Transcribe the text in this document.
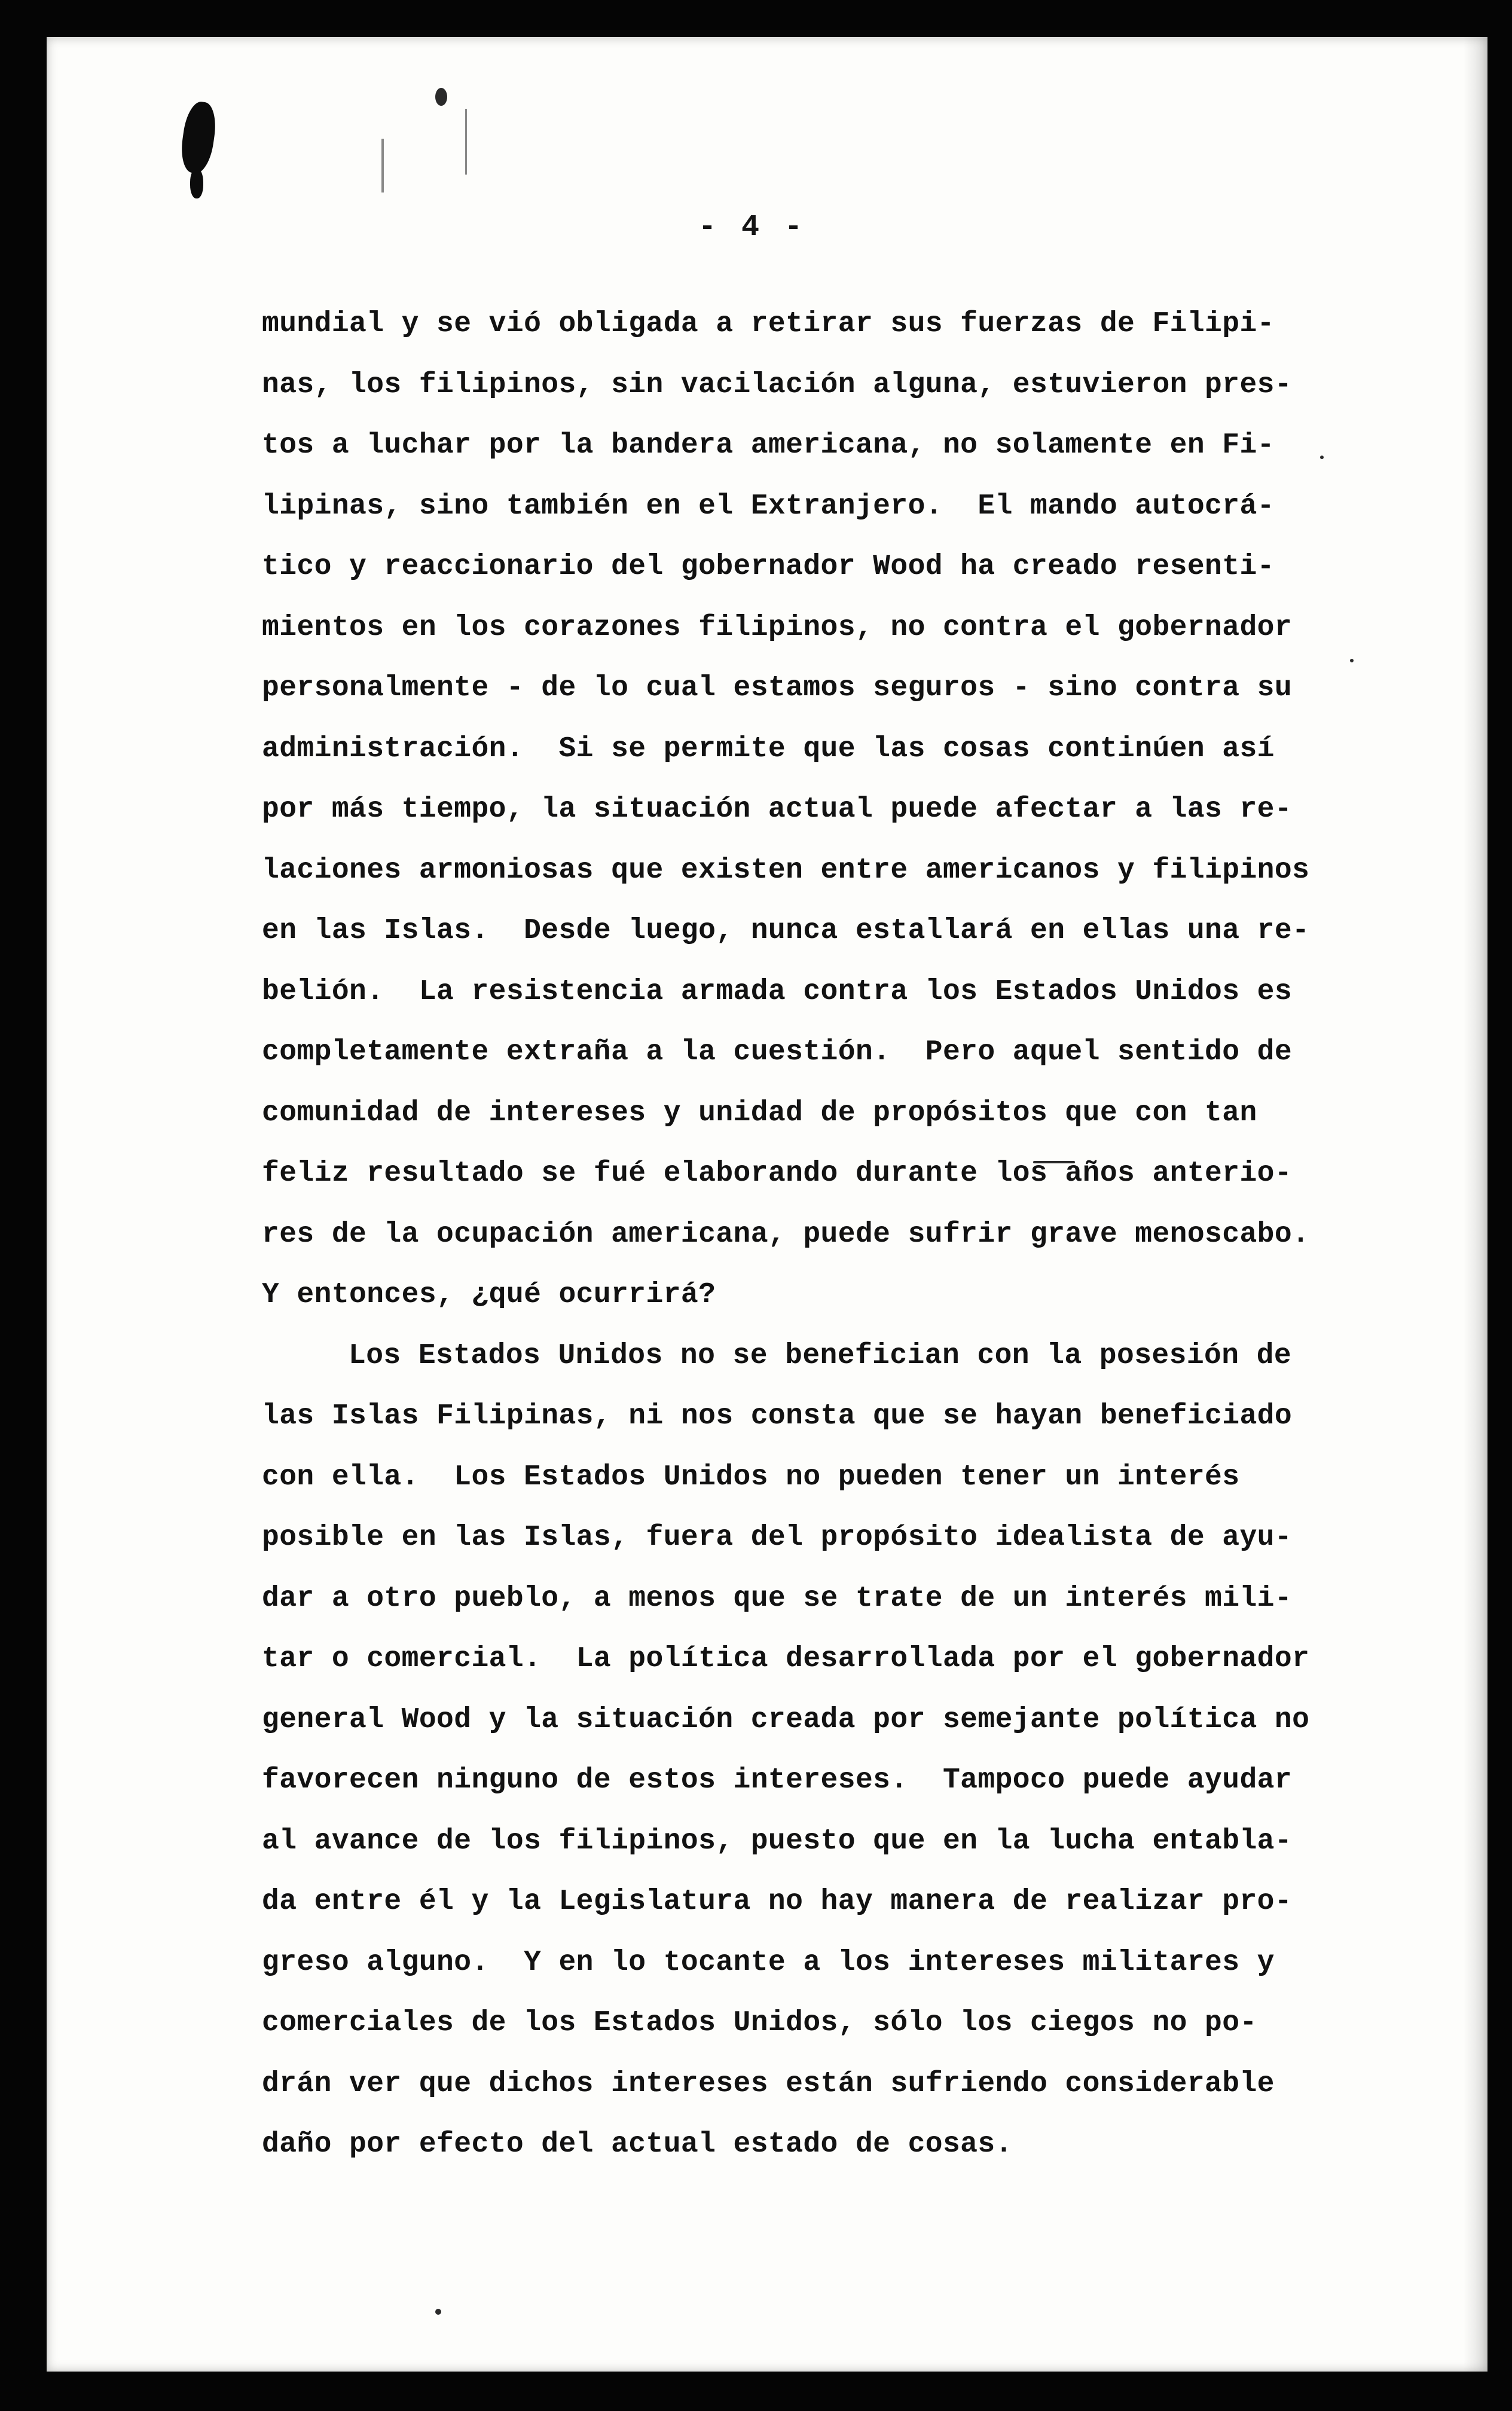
- 4 -
mundial y se vió obligada a retirar sus fuerzas de Filipi-
nas, los filipinos, sin vacilación alguna, estuvieron pres-
tos a luchar por la bandera americana, no solamente en Fi-
lipinas, sino también en el Extranjero.  El mando autocrá-
tico y reaccionario del gobernador Wood ha creado resenti-
mientos en los corazones filipinos, no contra el gobernador
personalmente - de lo cual estamos seguros - sino contra su
administración.  Si se permite que las cosas continúen así
por más tiempo, la situación actual puede afectar a las re-
laciones armoniosas que existen entre americanos y filipinos
en las Islas.  Desde luego, nunca estallará en ellas una re-
belión.  La resistencia armada contra los Estados Unidos es
completamente extraña a la cuestión.  Pero aquel sentido de
comunidad de intereses y unidad de propósitos que con tan
feliz resultado se fué elaborando durante los años anterio-
res de la ocupación americana, puede sufrir grave menoscabo.
Y entonces, ¿qué ocurrirá?
Los Estados Unidos no se benefician con la posesión de
las Islas Filipinas, ni nos consta que se hayan beneficiado
con ella.  Los Estados Unidos no pueden tener un interés
posible en las Islas, fuera del propósito idealista de ayu-
dar a otro pueblo, a menos que se trate de un interés mili-
tar o comercial.  La política desarrollada por el gobernador
general Wood y la situación creada por semejante política no
favorecen ninguno de estos intereses.  Tampoco puede ayudar
al avance de los filipinos, puesto que en la lucha entabla-
da entre él y la Legislatura no hay manera de realizar pro-
greso alguno.  Y en lo tocante a los intereses militares y
comerciales de los Estados Unidos, sólo los ciegos no po-
drán ver que dichos intereses están sufriendo considerable
daño por efecto del actual estado de cosas.
